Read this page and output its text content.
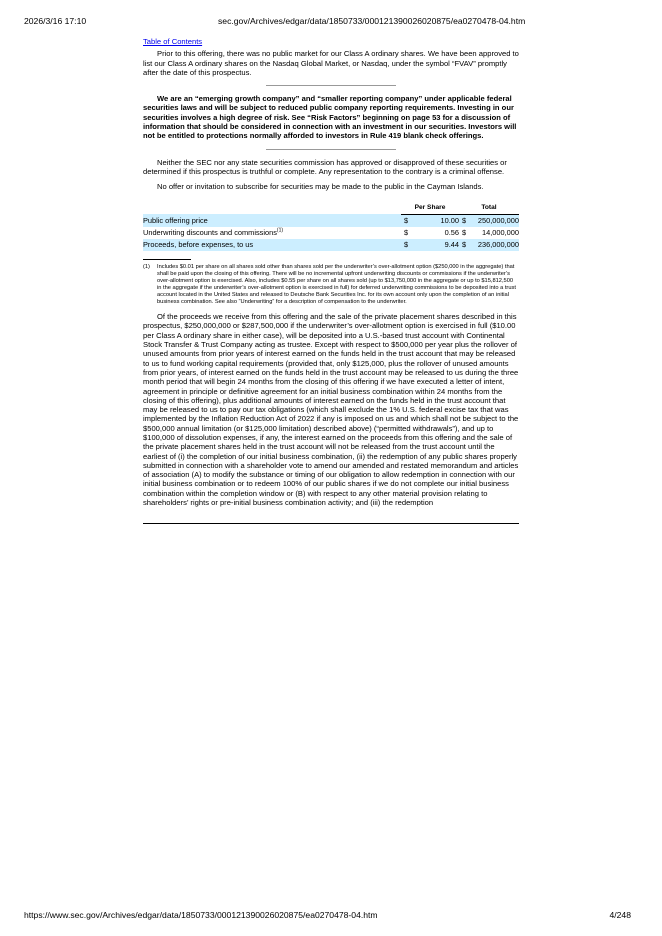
2026/3/16 17:10	sec.gov/Archives/edgar/data/1850733/000121390026020875/ea0270478-04.htm
Table of Contents

Prior to this offering, there was no public market for our Class A ordinary shares. We have been approved to list our Class A ordinary shares on the Nasdaq Global Market, or Nasdaq, under the symbol “FVAV” promptly after the date of this prospectus.

We are an “emerging growth company” and “smaller reporting company” under applicable federal securities laws and will be subject to reduced public company reporting requirements. Investing in our securities involves a high degree of risk. See “Risk Factors” beginning on page 53 for a discussion of information that should be considered in connection with an investment in our securities. Investors will not be entitled to protections normally afforded to investors in Rule 419 blank check offerings.

Neither the SEC nor any state securities commission has approved or disapproved of these securities or determined if this prospectus is truthful or complete. Any representation to the contrary is a criminal offense.

No offer or invitation to subscribe for securities may be made to the public in the Cayman Islands.

	Per Share		Total	
Public offering price	$	10.00	$	250,000,000
Underwriting discounts and commissions$^{(1)}$	$	0.56	$	14,000,000
Proceeds, before expenses, to us	$	9.44	$	236,000,000
(1)	Includes $0.01 per share on all shares sold other than shares sold per the underwriter’s over-allotment option ($250,000 in the aggregate) that shall be paid upon the closing of this offering. There will be no incremental upfront underwriting discounts or commissions if the underwriter’s over-allotment option is exercised. Also, includes $0.55 per share on all shares sold (up to $13,750,000 in the aggregate or up to $15,812,500 in the aggregate if the underwriter’s over-allotment option is exercised in full) for deferred underwriting commissions to be deposited into a trust account located in the United States and released to Deutsche Bank Securities Inc. for its own account only upon the completion of an initial business combination. See also “Underwriting” for a description of compensation to the underwriter.

Of the proceeds we receive from this offering and the sale of the private placement shares described in this prospectus, $250,000,000 or $287,500,000 if the underwriter’s over-allotment option is exercised in full ($10.00 per Class A ordinary share in either case), will be deposited into a U.S.-based trust account with Continental Stock Transfer & Trust Company acting as trustee. Except with respect to $500,000 per year plus the rollover of unused amounts from prior years of interest earned on the funds held in the trust account that may be released to us to fund working capital requirements (provided that, only $125,000, plus the rollover of unused amounts from prior years, of interest earned on the funds held in the trust account may be released to us during the three month period that will begin 24 months from the closing of this offering if we have executed a letter of intent, agreement in principle or definitive agreement for an initial business combination within 24 months from the closing of this offering), plus additional amounts of interest earned on the funds held in the trust account that may be released to us to pay our tax obligations (which shall exclude the 1% U.S. federal excise tax that was implemented by the Inflation Reduction Act of 2022 if any is imposed on us and which shall not be subject to the $500,000 annual limitation (or $125,000 limitation) described above) (“permitted withdrawals”), and up to $100,000 of dissolution expenses, if any, the interest earned on the proceeds from this offering and the sale of the private placement shares held in the trust account will not be released from the trust account until the earliest of (i) the completion of our initial business combination, (ii) the redemption of any public shares properly submitted in connection with a shareholder vote to amend our amended and restated memorandum and articles of association (A) to modify the substance or timing of our obligation to allow redemption in connection with our initial business combination or to redeem 100% of our public shares if we do not complete our initial business combination within the completion window or (B) with respect to any other material provision relating to shareholders’ rights or pre-initial business combination activity; and (iii) the redemption

https://www.sec.gov/Archives/edgar/data/1850733/000121390026020875/ea0270478-04.htm	4/248
